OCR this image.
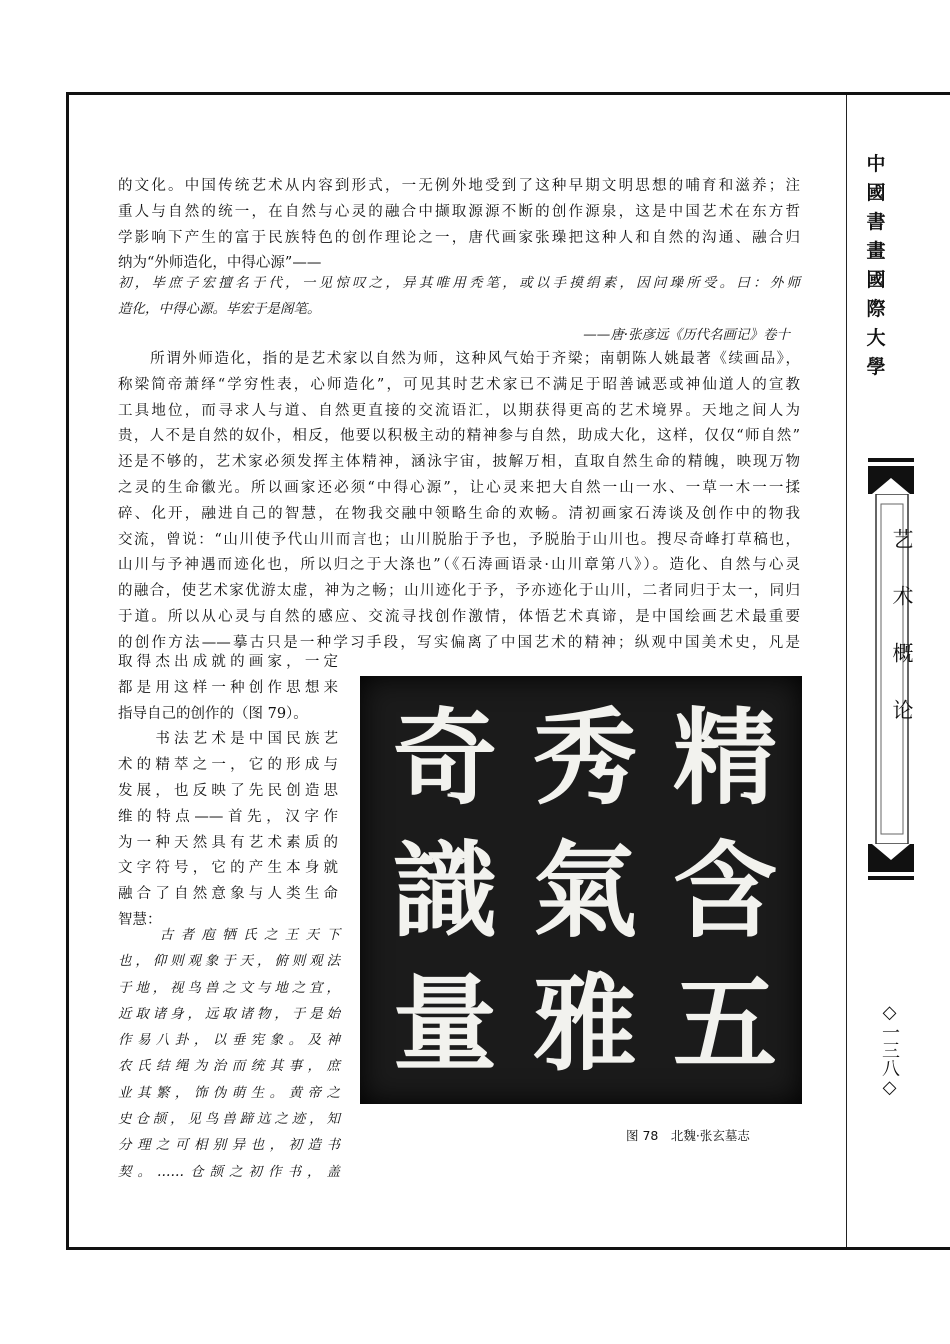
中國書畫國際大學
艺术概论
◇一三八◇
的文化。中国传统艺术从内容到形式，一无例外地受到了这种早期文明思想的哺育和滋养；注
重人与自然的统一，在自然与心灵的融合中撷取源源不断的创作源泉，这是中国艺术在东方哲
学影响下产生的富于民族特色的创作理论之一，唐代画家张璪把这种人和自然的沟通、融合归
纳为“外师造化，中得心源”——
初，毕庶子宏擅名于代，一见惊叹之，异其唯用秃笔，或以手摸绢素，因问璪所受。曰：外师
造化，中得心源。毕宏于是阁笔。
——唐·张彦远《历代名画记》卷十
　　所谓外师造化，指的是艺术家以自然为师，这种风气始于齐梁；南朝陈人姚最著《续画品》，
称梁简帝萧绎“学穷性表，心师造化”，可见其时艺术家已不满足于昭善诫恶或神仙道人的宣教
工具地位，而寻求人与道、自然更直接的交流语汇，以期获得更高的艺术境界。天地之间人为
贵，人不是自然的奴仆，相反，他要以积极主动的精神参与自然，助成大化，这样，仅仅“师自然”
还是不够的，艺术家必须发挥主体精神，涵泳宇宙，披解万相，直取自然生命的精魄，映现万物
之灵的生命徽光。所以画家还必须“中得心源”，让心灵来把大自然一山一水、一草一木一一揉
碎、化开，融进自己的智慧，在物我交融中领略生命的欢畅。清初画家石涛谈及创作中的物我
交流，曾说：“山川使予代山川而言也；山川脱胎于予也，予脱胎于山川也。搜尽奇峰打草稿也，
山川与予神遇而迹化也，所以归之于大涤也”（《石涛画语录·山川章第八》）。造化、自然与心灵
的融合，使艺术家优游太虚，神为之畅；山川迹化于予，予亦迹化于山川，二者同归于太一，同归
于道。所以从心灵与自然的感应、交流寻找创作激情，体悟艺术真谛，是中国绘画艺术最重要
的创作方法——摹古只是一种学习手段，写实偏离了中国艺术的精神；纵观中国美术史，凡是
取得杰出成就的画家，一定
都是用这样一种创作思想来
指导自己的创作的（图 79）。
　　书法艺术是中国民族艺
术的精萃之一，它的形成与
发展，也反映了先民创造思
维的特点——首先，汉字作
为一种天然具有艺术素质的
文字符号，它的产生本身就
融合了自然意象与人类生命
智慧：
　　古者庖牺氏之王天下
也，仰则观象于天，俯则观法
于地，视鸟兽之文与地之宜，
近取诸身，远取诸物，于是始
作易八卦，以垂宪象。及神
农氏结绳为治而统其事，庶
业其繁，饰伪萌生。黄帝之
史仓颉，见鸟兽蹄迒之迹，知
分理之可相别异也，初造书
契。……仓颉之初作书，盖
精
秀
奇
含
氣
識
五
雅
量
图 78　北魏·张玄墓志
